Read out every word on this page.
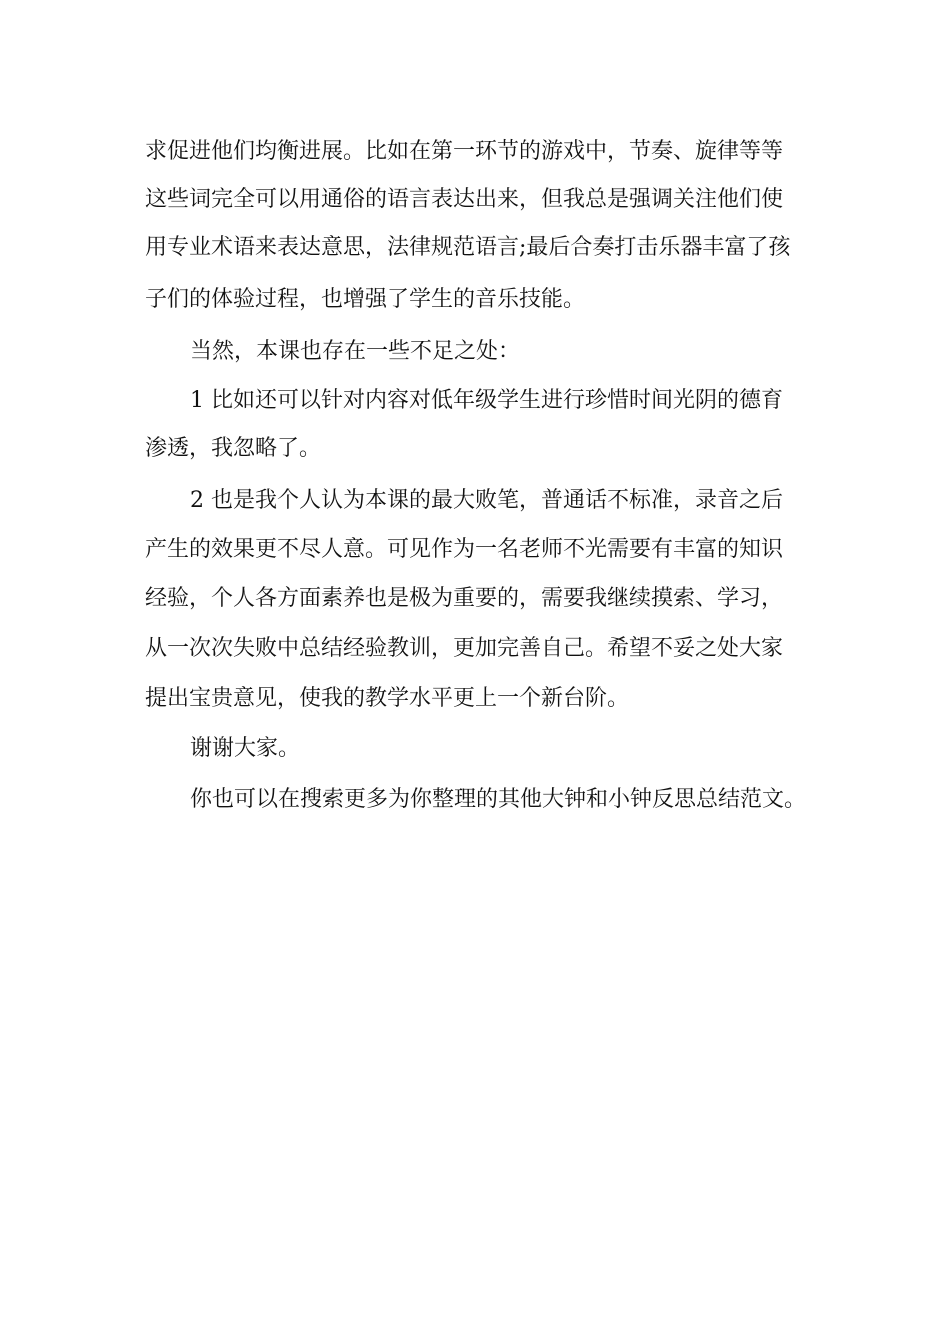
求促进他们均衡进展。比如在第一环节的游戏中，节奏、旋律等等

这些词完全可以用通俗的语言表达出来，但我总是强调关注他们使

用专业术语来表达意思，法律规范语言;最后合奏打击乐器丰富了孩

子们的体验过程，也增强了学生的音乐技能。

当然，本课也存在一些不足之处：

1 比如还可以针对内容对低年级学生进行珍惜时间光阴的德育

渗透，我忽略了。

2 也是我个人认为本课的最大败笔，普通话不标准，录音之后

产生的效果更不尽人意。可见作为一名老师不光需要有丰富的知识

经验，个人各方面素养也是极为重要的，需要我继续摸索、学习，

从一次次失败中总结经验教训，更加完善自己。希望不妥之处大家

提出宝贵意见，使我的教学水平更上一个新台阶。

谢谢大家。

你也可以在搜索更多为你整理的其他大钟和小钟反思总结范文。
